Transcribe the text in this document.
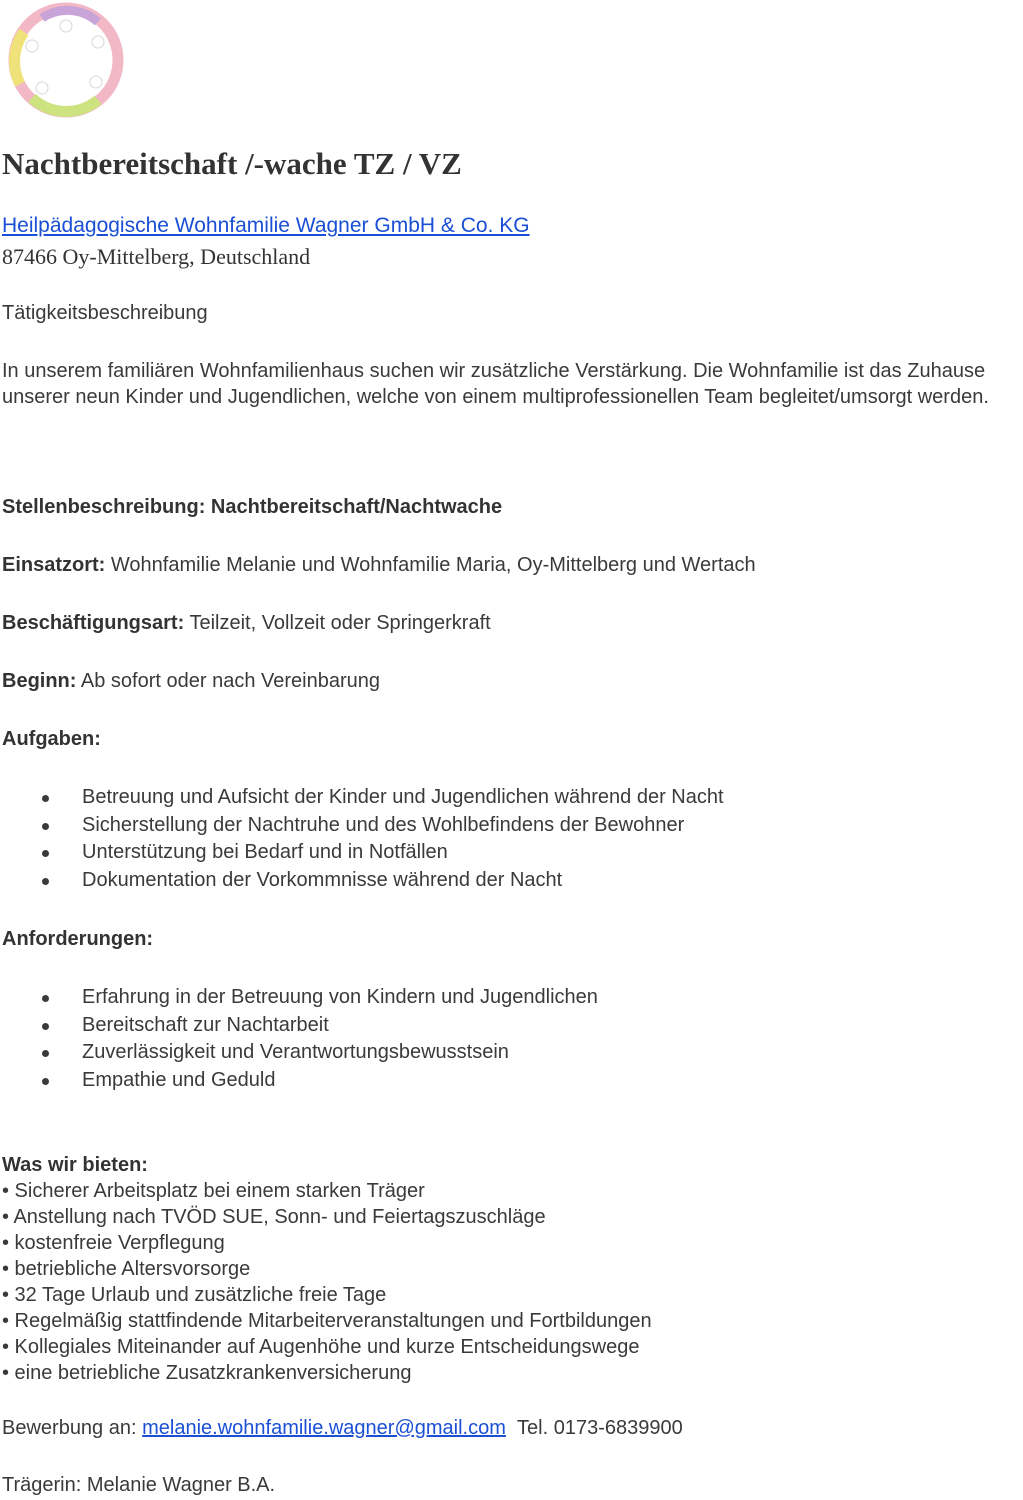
Nachtbereitschaft /-wache TZ / VZ
Heilpädagogische Wohnfamilie Wagner GmbH & Co. KG
87466 Oy-Mittelberg, Deutschland
Tätigkeitsbeschreibung
In unserem familiären Wohnfamilienhaus suchen wir zusätzliche Verstärkung. Die Wohnfamilie ist das Zuhause unserer neun Kinder und Jugendlichen, welche von einem multiprofessionellen Team begleitet/umsorgt werden.
Stellenbeschreibung: Nachtbereitschaft/Nachtwache
Einsatzort: Wohnfamilie Melanie und Wohnfamilie Maria, Oy-Mittelberg und Wertach
Beschäftigungsart: Teilzeit, Vollzeit oder Springerkraft
Beginn: Ab sofort oder nach Vereinbarung
Aufgaben:
Betreuung und Aufsicht der Kinder und Jugendlichen während der Nacht
Sicherstellung der Nachtruhe und des Wohlbefindens der Bewohner
Unterstützung bei Bedarf und in Notfällen
Dokumentation der Vorkommnisse während der Nacht
Anforderungen:
Erfahrung in der Betreuung von Kindern und Jugendlichen
Bereitschaft zur Nachtarbeit
Zuverlässigkeit und Verantwortungsbewusstsein
Empathie und Geduld
Was wir bieten:
• Sicherer Arbeitsplatz bei einem starken Träger
• Anstellung nach TVÖD SUE, Sonn- und Feiertagszuschläge
• kostenfreie Verpflegung
• betriebliche Altersvorsorge
• 32 Tage Urlaub und zusätzliche freie Tage
• Regelmäßig stattfindende Mitarbeiterveranstaltungen und Fortbildungen
• Kollegiales Miteinander auf Augenhöhe und kurze Entscheidungswege
• eine betriebliche Zusatzkrankenversicherung
Bewerbung an: melanie.wohnfamilie.wagner@gmail.com Tel. 0173-6839900
Trägerin: Melanie Wagner B.A.
